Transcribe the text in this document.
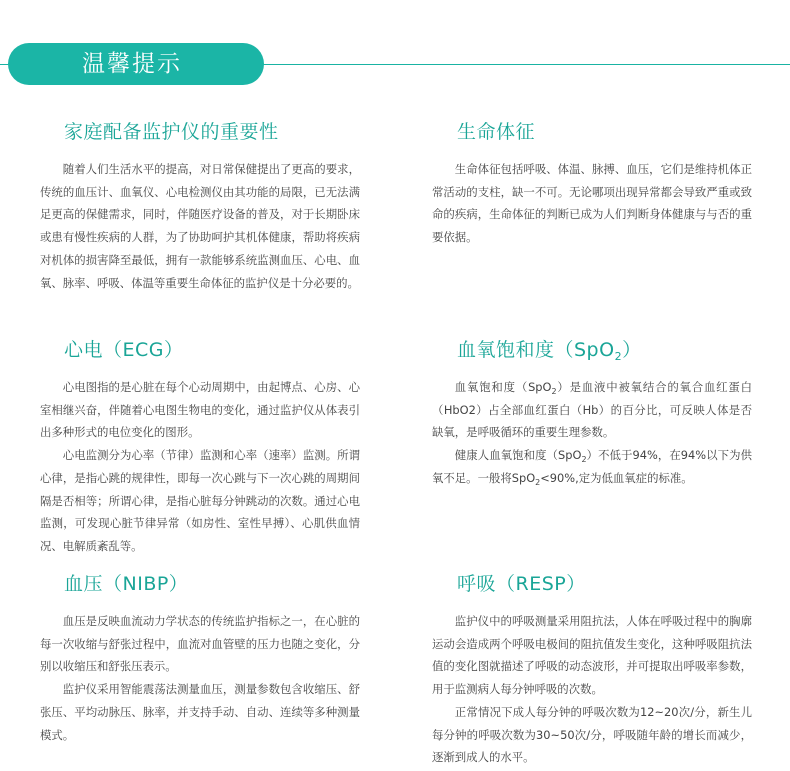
温馨提示
家庭配备监护仪的重要性

随着人们生活水平的提高，对日常保健提出了更高的要求，传统的血压计、血氧仪、心电检测仪由其功能的局限，已无法满足更高的保健需求，同时，伴随医疗设备的普及，对于长期卧床或患有慢性疾病的人群，为了协助呵护其机体健康，帮助将疾病对机体的损害降至最低，拥有一款能够系统监测血压、心电、血氧、脉率、呼吸、体温等重要生命体征的监护仪是十分必要的。

生命体征

生命体征包括呼吸、体温、脉搏、血压，它们是维持机体正常活动的支柱，缺一不可。无论哪项出现异常都会导致严重或致命的疾病，生命体征的判断已成为人们判断身体健康与与否的重要依据。

心电（ECG）

心电图指的是心脏在每个心动周期中，由起博点、心房、心室相继兴奋，伴随着心电图生物电的变化，通过监护仪从体表引出多种形式的电位变化的图形。

心电监测分为心率（节律）监测和心率（速率）监测。所谓心律，是指心跳的规律性，即每一次心跳与下一次心跳的周期间隔是否相等；所谓心律，是指心脏每分钟跳动的次数。通过心电监测，可发现心脏节律异常（如房性、室性早搏）、心肌供血情况、电解质紊乱等。

血氧饱和度（SpO$_2$）

血氧饱和度（SpO$_2$）是血液中被氧结合的氧合血红蛋白（HbO2）占全部血红蛋白（Hb）的百分比，可反映人体是否缺氧，是呼吸循环的重要生理参数。

健康人血氧饱和度（SpO$_2$）不低于94%，在94%以下为供氧不足。一般将SpO$_2$<90%,定为低血氧症的标准。

血压（NIBP）

血压是反映血流动力学状态的传统监护指标之一，在心脏的每一次收缩与舒张过程中，血流对血管壁的压力也随之变化，分别以收缩压和舒张压表示。

监护仪采用智能震荡法测量血压，测量参数包含收缩压、舒张压、平均动脉压、脉率，并支持手动、自动、连续等多种测量模式。

呼吸（RESP）

监护仪中的呼吸测量采用阻抗法，人体在呼吸过程中的胸廓运动会造成两个呼吸电极间的阻抗值发生变化，这种呼吸阻抗法值的变化图就描述了呼吸的动态波形，并可提取出呼吸率参数，用于监测病人每分钟呼吸的次数。

正常情况下成人每分钟的呼吸次数为12~20次/分，新生儿每分钟的呼吸次数为30~50次/分，呼吸随年龄的增长而减少，逐渐到成人的水平。
